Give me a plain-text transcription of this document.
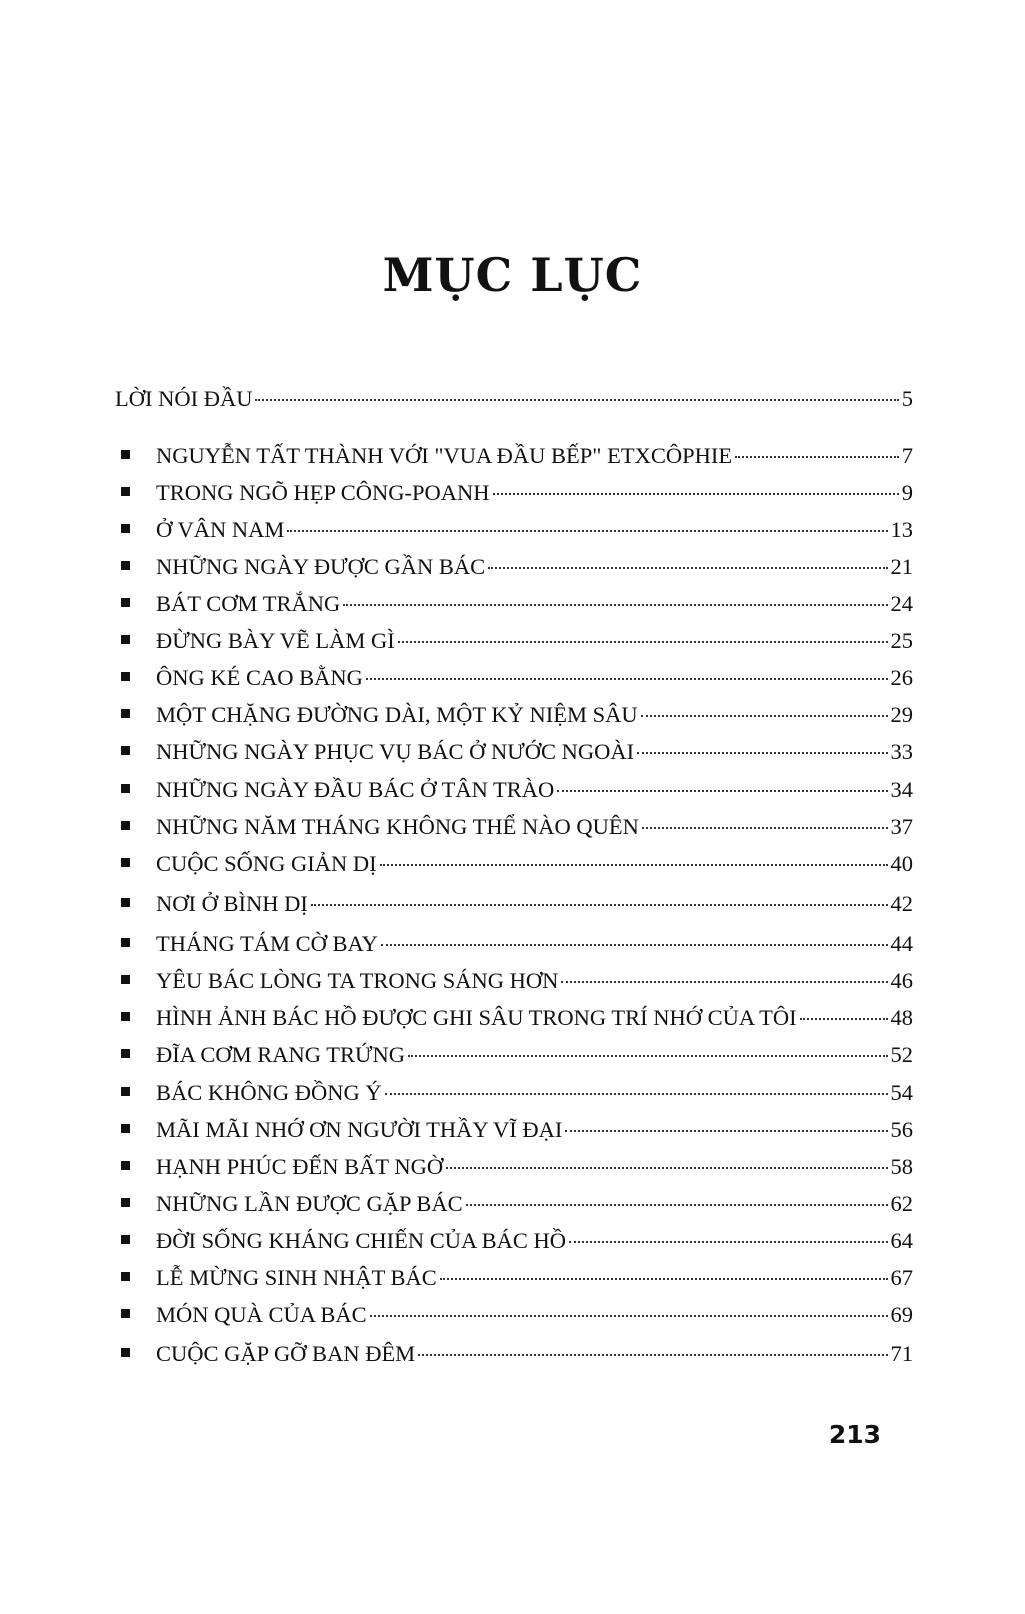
MỤC LỤC
LỜI NÓI ĐẦU	5
NGUYỄN TẤT THÀNH VỚI "VUA ĐẦU BẾP" ETXCÔPHIE	7
TRONG NGÕ HẸP CÔNG-POANH	9
Ở VÂN NAM	13
NHỮNG NGÀY ĐƯỢC GẦN BÁC	21
BÁT CƠM TRẮNG	24
ĐỪNG BÀY VẼ LÀM GÌ	25
ÔNG KÉ CAO BẰNG	26
MỘT CHẶNG ĐƯỜNG DÀI, MỘT KỶ NIỆM SÂU	29
NHỮNG NGÀY PHỤC VỤ BÁC Ở NƯỚC NGOÀI	33
NHỮNG NGÀY ĐẦU BÁC Ở TÂN TRÀO	34
NHỮNG NĂM THÁNG KHÔNG THỂ NÀO QUÊN	37
CUỘC SỐNG GIẢN DỊ	40
NƠI Ở BÌNH DỊ	42
THÁNG TÁM CỜ BAY	44
YÊU BÁC LÒNG TA TRONG SÁNG HƠN	46
HÌNH ẢNH BÁC HỒ ĐƯỢC GHI SÂU TRONG TRÍ NHỚ CỦA TÔI	48
ĐĨA CƠM RANG TRỨNG	52
BÁC KHÔNG ĐỒNG Ý	54
MÃI MÃI NHỚ ƠN NGƯỜI THẦY VĨ ĐẠI	56
HẠNH PHÚC ĐẾN BẤT NGỜ	58
NHỮNG LẦN ĐƯỢC GẶP BÁC	62
ĐỜI SỐNG KHÁNG CHIẾN CỦA BÁC HỒ	64
LỄ MỪNG SINH NHẬT BÁC	67
MÓN QUÀ CỦA BÁC	69
CUỘC GẶP GỠ BAN ĐÊM	71

213
